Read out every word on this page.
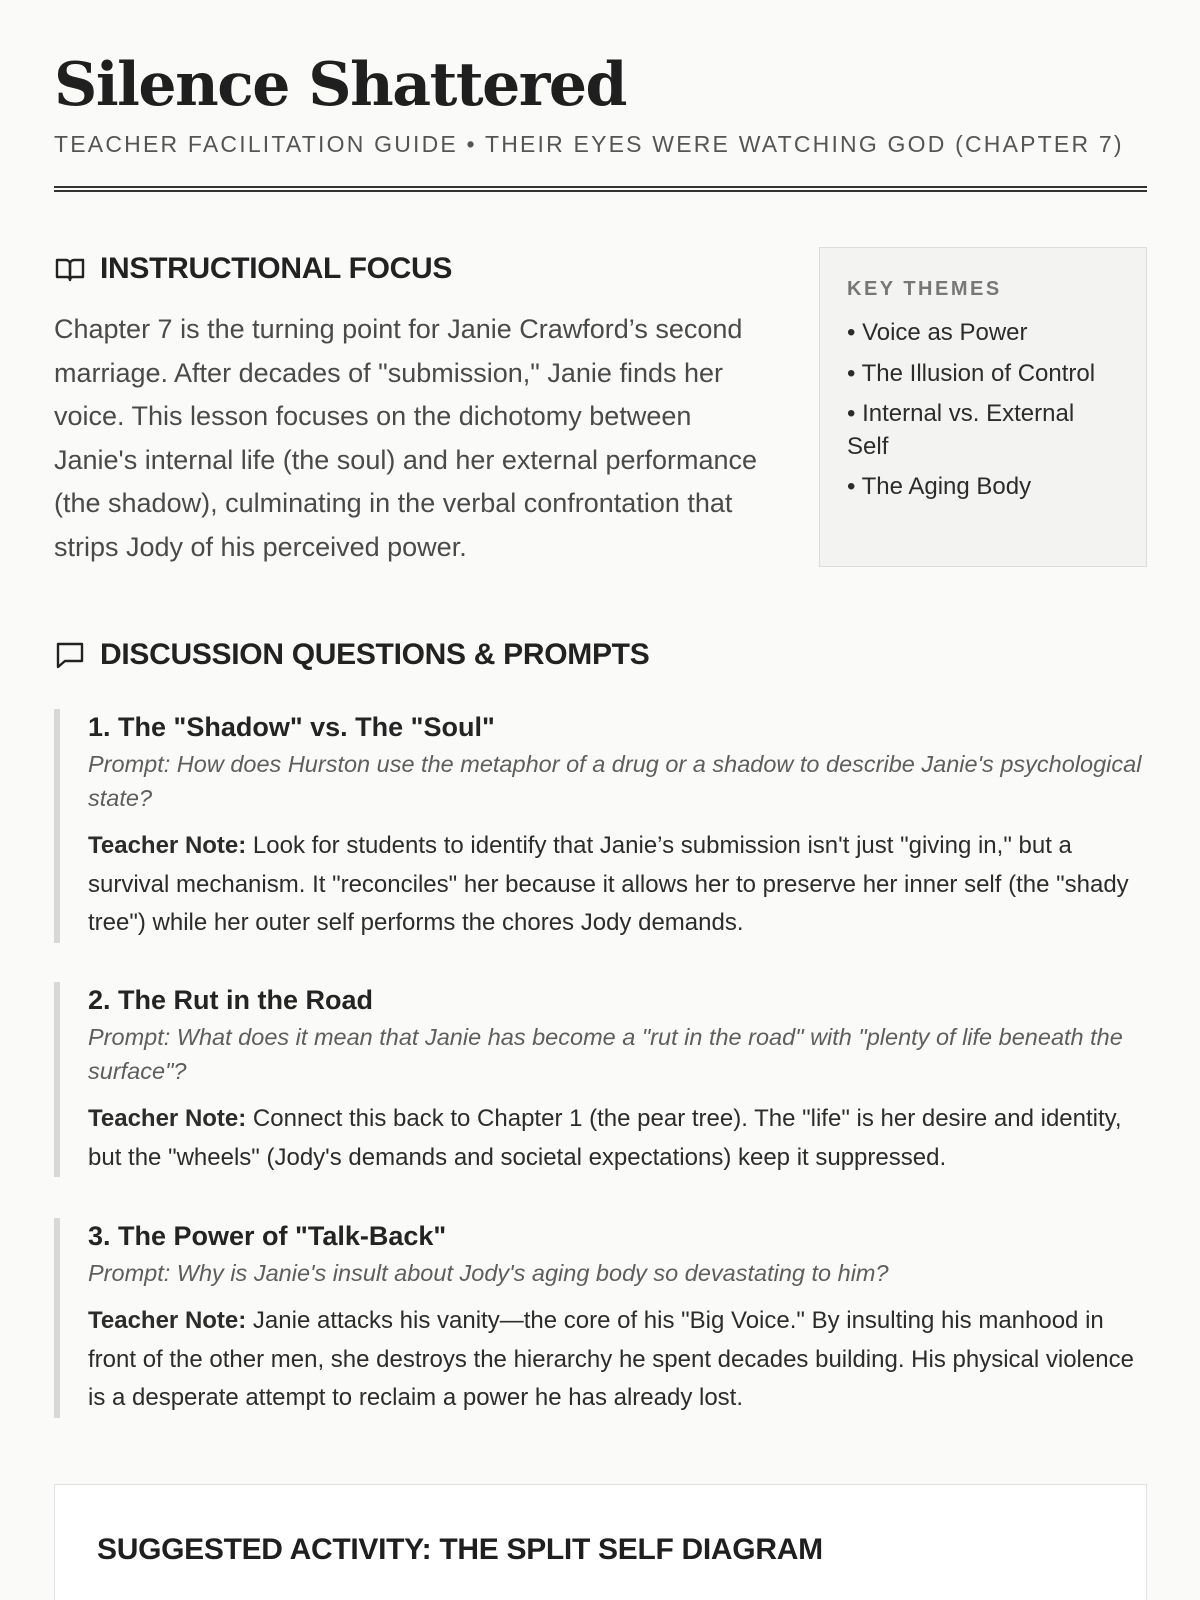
Silence Shattered
TEACHER FACILITATION GUIDE • THEIR EYES WERE WATCHING GOD (CHAPTER 7)
INSTRUCTIONAL FOCUS

Chapter 7 is the turning point for Janie Crawford’s second marriage. After decades of "submission," Janie finds her voice. This lesson focuses on the dichotomy between Janie's internal life (the soul) and her external performance (the shadow), culminating in the verbal confrontation that strips Jody of his perceived power.

KEY THEMES
• Voice as Power
• The Illusion of Control
• Internal vs. External Self
• The Aging Body
DISCUSSION QUESTIONS & PROMPTS
1. The "Shadow" vs. The "Soul"

Prompt: How does Hurston use the metaphor of a drug or a shadow to describe Janie's psychological state?

Teacher Note: Look for students to identify that Janie’s submission isn't just "giving in," but a survival mechanism. It "reconciles" her because it allows her to preserve her inner self (the "shady tree") while her outer self performs the chores Jody demands.

2. The Rut in the Road

Prompt: What does it mean that Janie has become a "rut in the road" with "plenty of life beneath the surface"?

Teacher Note: Connect this back to Chapter 1 (the pear tree). The "life" is her desire and identity, but the "wheels" (Jody's demands and societal expectations) keep it suppressed.

3. The Power of "Talk-Back"

Prompt: Why is Janie's insult about Jody's aging body so devastating to him?

Teacher Note: Janie attacks his vanity—the core of his "Big Voice." By insulting his manhood in front of the other men, she destroys the hierarchy he spent decades building. His physical violence is a desperate attempt to reclaim a power he has already lost.

SUGGESTED ACTIVITY: THE SPLIT SELF DIAGRAM
